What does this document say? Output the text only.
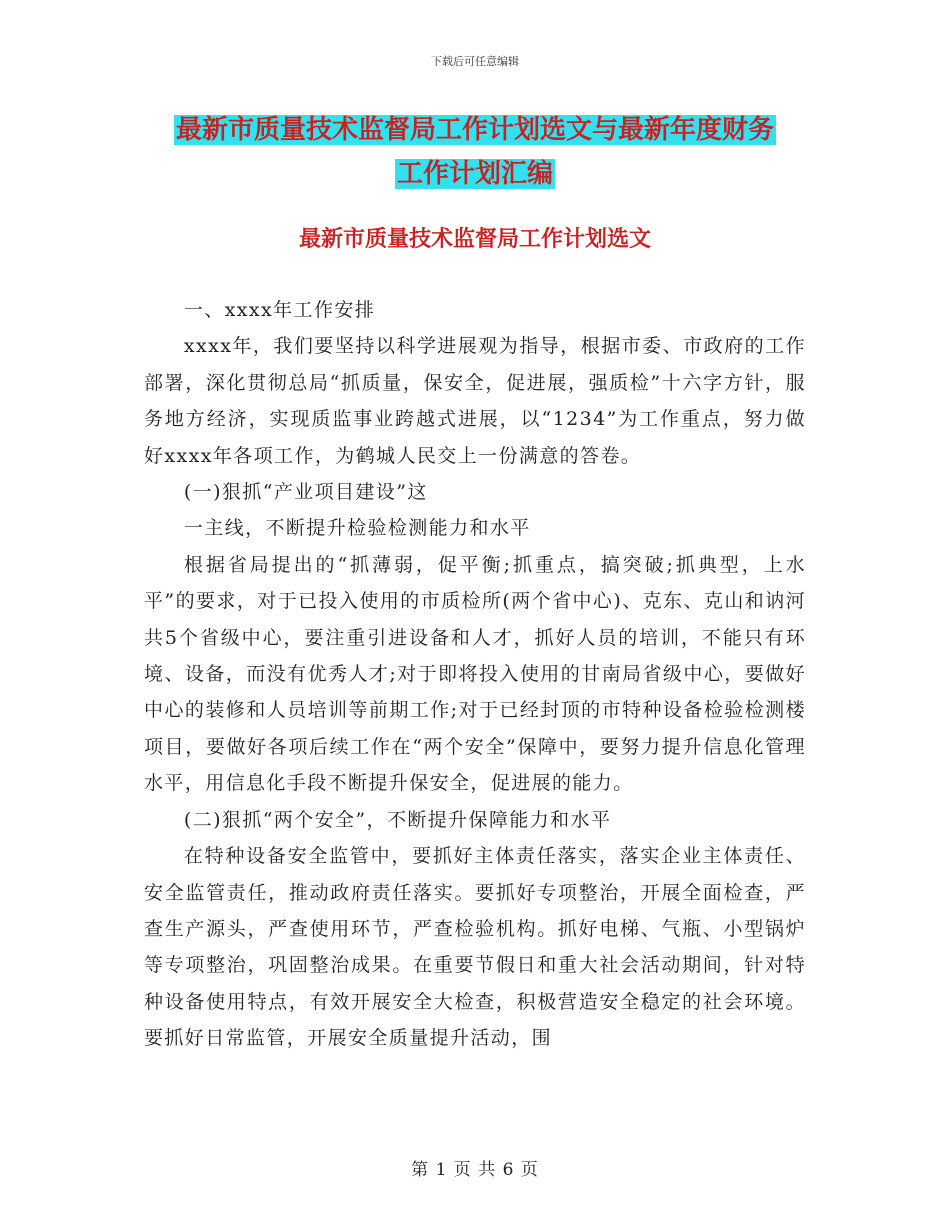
下载后可任意编辑
最新市质量技术监督局工作计划选文与最新年度财务
工作计划汇编
最新市质量技术监督局工作计划选文

一、xxxx年工作安排

xxxx年，我们要坚持以科学进展观为指导，根据市委、市政府的工作部署，深化贯彻总局“抓质量，保安全，促进展，强质检”十六字方针，服务地方经济，实现质监事业跨越式进展，以“1234”为工作重点，努力做好xxxx年各项工作，为鹤城人民交上一份满意的答卷。

(一)狠抓“产业项目建设”这

一主线，不断提升检验检测能力和水平

根据省局提出的“抓薄弱，促平衡;抓重点，搞突破;抓典型，上水平”的要求，对于已投入使用的市质检所(两个省中心)、克东、克山和讷河共5个省级中心，要注重引进设备和人才，抓好人员的培训，不能只有环境、设备，而没有优秀人才;对于即将投入使用的甘南局省级中心，要做好中心的装修和人员培训等前期工作;对于已经封顶的市特种设备检验检测楼项目，要做好各项后续工作在“两个安全”保障中，要努力提升信息化管理水平，用信息化手段不断提升保安全，促进展的能力。

(二)狠抓“两个安全”，不断提升保障能力和水平

在特种设备安全监管中，要抓好主体责任落实，落实企业主体责任、安全监管责任，推动政府责任落实。要抓好专项整治，开展全面检查，严查生产源头，严查使用环节，严查检验机构。抓好电梯、气瓶、小型锅炉等专项整治，巩固整治成果。在重要节假日和重大社会活动期间，针对特种设备使用特点，有效开展安全大检查，积极营造安全稳定的社会环境。要抓好日常监管，开展安全质量提升活动，围

第 1 页 共 6 页
